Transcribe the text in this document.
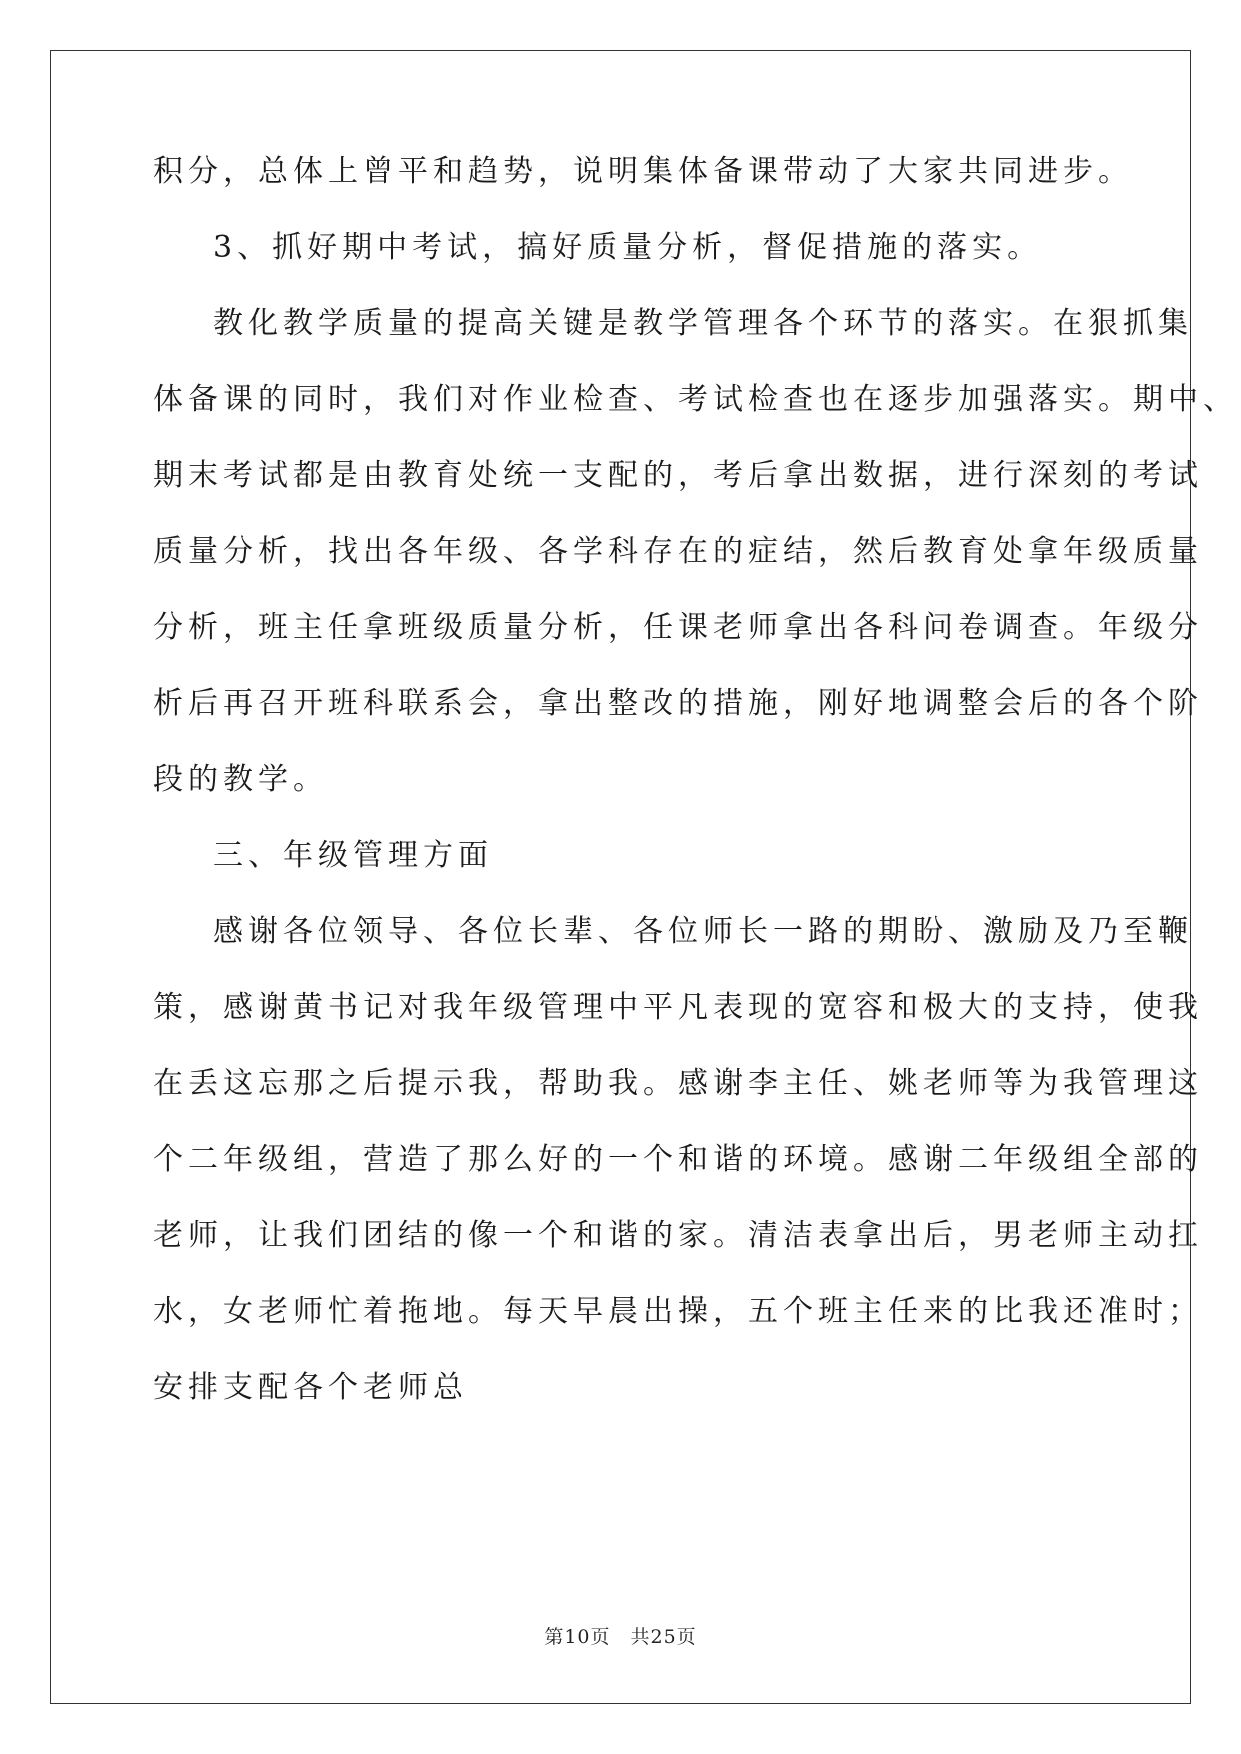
积分，总体上曾平和趋势，说明集体备课带动了大家共同进步。
3、抓好期中考试，搞好质量分析，督促措施的落实。
教化教学质量的提高关键是教学管理各个环节的落实。在狠抓集
体备课的同时，我们对作业检查、考试检查也在逐步加强落实。期中、
期末考试都是由教育处统一支配的，考后拿出数据，进行深刻的考试
质量分析，找出各年级、各学科存在的症结，然后教育处拿年级质量
分析，班主任拿班级质量分析，任课老师拿出各科问卷调查。年级分
析后再召开班科联系会，拿出整改的措施，刚好地调整会后的各个阶
段的教学。
三、年级管理方面
感谢各位领导、各位长辈、各位师长一路的期盼、激励及乃至鞭
策，感谢黄书记对我年级管理中平凡表现的宽容和极大的支持，使我
在丢这忘那之后提示我，帮助我。感谢李主任、姚老师等为我管理这
个二年级组，营造了那么好的一个和谐的环境。感谢二年级组全部的
老师，让我们团结的像一个和谐的家。清洁表拿出后，男老师主动扛
水，女老师忙着拖地。每天早晨出操，五个班主任来的比我还准时；
安排支配各个老师总
第10页　共25页
